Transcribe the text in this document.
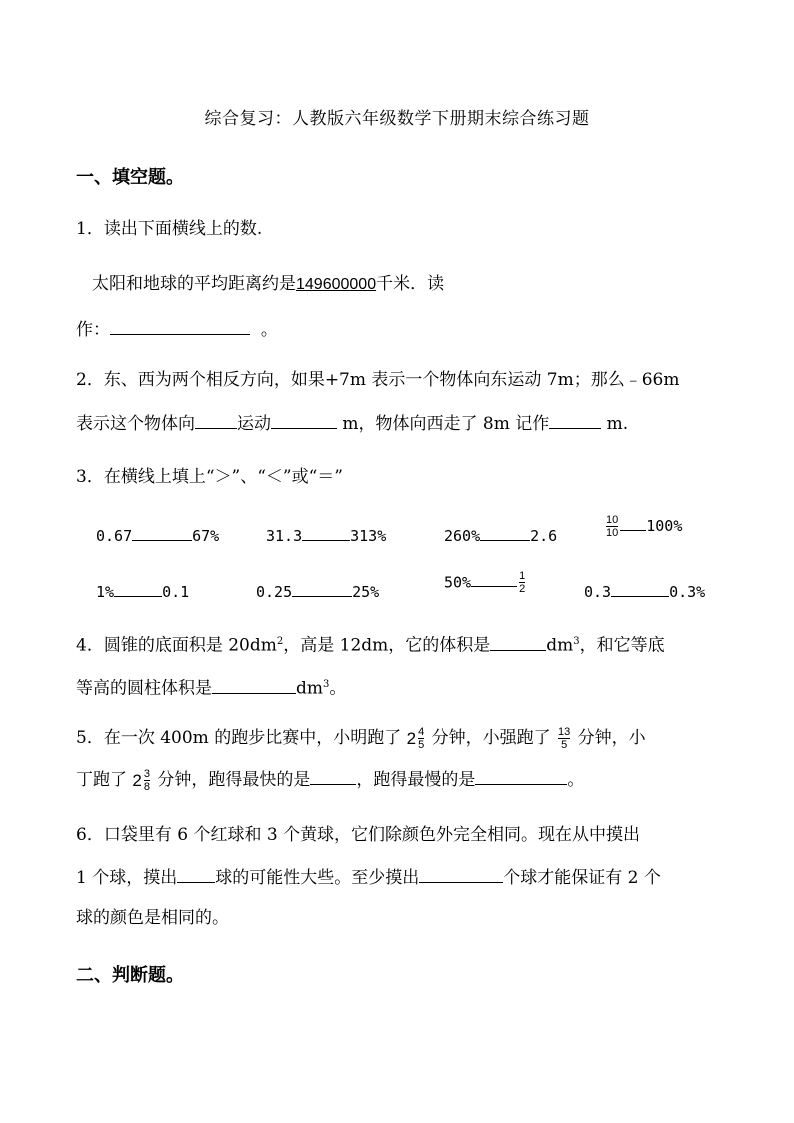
综合复习：人教版六年级数学下册期末综合练习题
一、填空题。
1．读出下面横线上的数.
太阳和地球的平均距离约是149600000千米．读
作：	。
2．东、西为两个相反方向，如果+7m 表示一个物体向东运动 7m；那么﹣66m
表示这个物体向 运动	m，物体向西走了 8m 记作	m.
3．在横线上填上“＞”、“＜”或“＝”
0.67	67%	31.3	313%	260%	2.6	$\frac{10}{10} 100\%$
1%	0.1	0.25	25%
50%	$\frac{1}{2}$	0.3	0.3%
4．圆锥的底面积是 $20dm^2$，高是 12dm，它的体积是	$dm^3$，和它等底
等高的圆柱体积是	$dm^3$。
5．在一次 400m 的跑步比赛中，小明跑了 $2 \frac{4}{5}$ 分钟，小强跑了 $\frac{13}{5}$ 分钟，小
丁跑了 $2 \frac{3}{8}$ 分钟，跑得最快的是	，跑得最慢的是	。
6．口袋里有 6 个红球和 3 个黄球，它们除颜色外完全相同。现在从中摸出
1 个球，摸出 球的可能性大些。至少摸出	个球才能保证有 2 个
球的颜色是相同的。
二、判断题。
